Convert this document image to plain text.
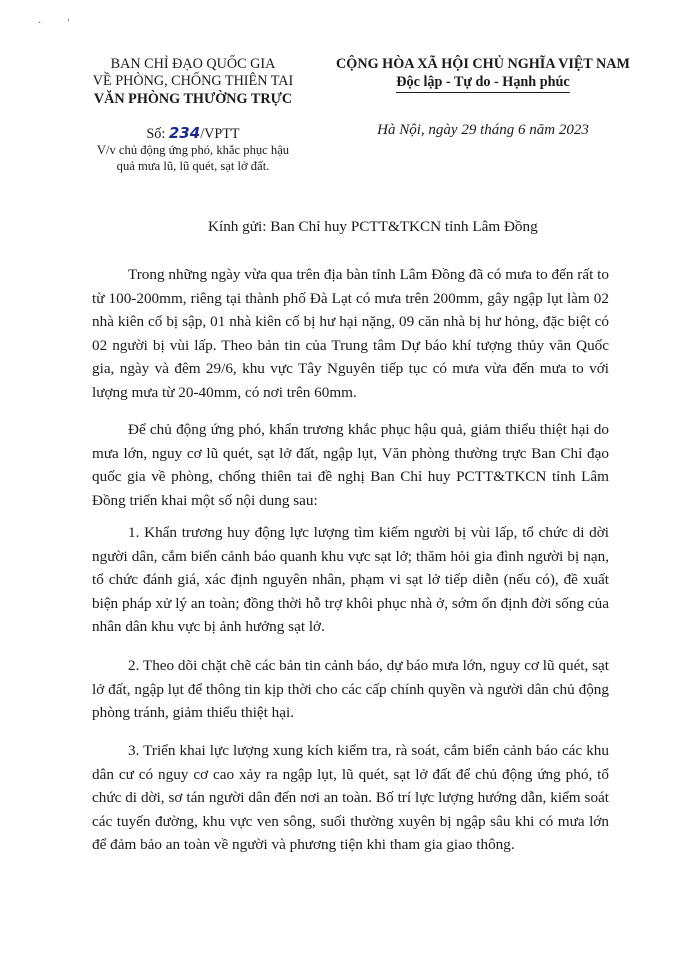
·'
BAN CHỈ ĐẠO QUỐC GIA
VỀ PHÒNG, CHỐNG THIÊN TAI
VĂN PHÒNG THƯỜNG TRỰC
CỘNG HÒA XÃ HỘI CHỦ NGHĨA VIỆT NAM
Độc lập - Tự do - Hạnh phúc
Số: 234/VPTT
V/v chủ động ứng phó, khắc phục hậu
quả mưa lũ, lũ quét, sạt lở đất.
Hà Nội, ngày 29 tháng 6 năm 2023
Kính gửi: Ban Chỉ huy PCTT&TKCN tỉnh Lâm Đồng

Trong những ngày vừa qua trên địa bàn tỉnh Lâm Đồng đã có mưa to đến rất to từ 100-200mm, riêng tại thành phố Đà Lạt có mưa trên 200mm, gây ngập lụt làm 02 nhà kiên cố bị sập, 01 nhà kiên cố bị hư hại nặng, 09 căn nhà bị hư hỏng, đặc biệt có 02 người bị vùi lấp. Theo bản tin của Trung tâm Dự báo khí tượng thủy văn Quốc gia, ngày và đêm 29/6, khu vực Tây Nguyên tiếp tục có mưa vừa đến mưa to với lượng mưa từ 20-40mm, có nơi trên 60mm.

Để chủ động ứng phó, khẩn trương khắc phục hậu quả, giảm thiểu thiệt hại do mưa lớn, nguy cơ lũ quét, sạt lở đất, ngập lụt, Văn phòng thường trực Ban Chỉ đạo quốc gia về phòng, chống thiên tai đề nghị Ban Chỉ huy PCTT&TKCN tỉnh Lâm Đồng triển khai một số nội dung sau:

1. Khẩn trương huy động lực lượng tìm kiếm người bị vùi lấp, tổ chức di dời người dân, cắm biển cảnh báo quanh khu vực sạt lở; thăm hỏi gia đình người bị nạn, tổ chức đánh giá, xác định nguyên nhân, phạm vi sạt lở tiếp diễn (nếu có), đề xuất biện pháp xử lý an toàn; đồng thời hỗ trợ khôi phục nhà ở, sớm ổn định đời sống của nhân dân khu vực bị ảnh hưởng sạt lở.

2. Theo dõi chặt chẽ các bản tin cảnh báo, dự báo mưa lớn, nguy cơ lũ quét, sạt lở đất, ngập lụt để thông tin kịp thời cho các cấp chính quyền và người dân chủ động phòng tránh, giảm thiểu thiệt hại.

3. Triển khai lực lượng xung kích kiểm tra, rà soát, cắm biển cảnh báo các khu dân cư có nguy cơ cao xảy ra ngập lụt, lũ quét, sạt lở đất để chủ động ứng phó, tổ chức di dời, sơ tán người dân đến nơi an toàn. Bố trí lực lượng hướng dẫn, kiểm soát các tuyến đường, khu vực ven sông, suối thường xuyên bị ngập sâu khi có mưa lớn để đảm bảo an toàn về người và phương tiện khi tham gia giao thông.
